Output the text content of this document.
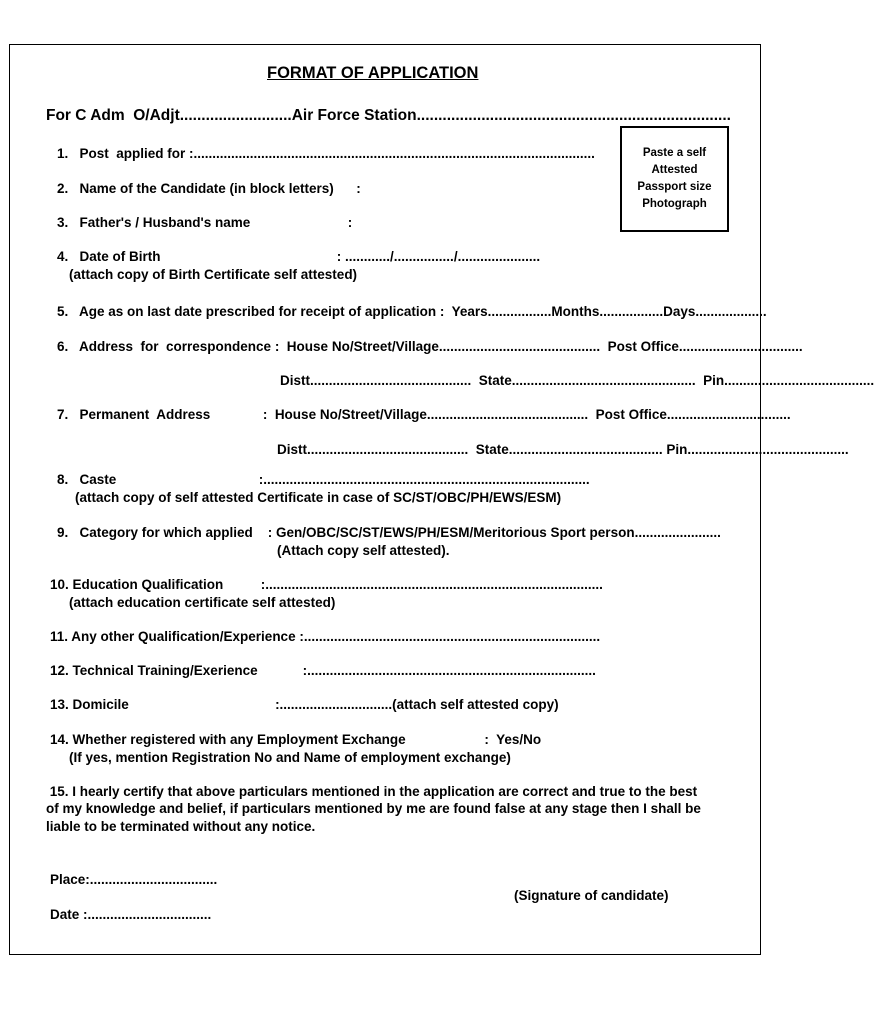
FORMAT OF APPLICATION
For C Adm  O/Adjt..........................Air Force Station.........................................................................
Paste a self
Attested
Passport size
Photograph
1.   Post  applied for :...........................................................................................................
2.   Name of the Candidate (in block letters)      :
3.   Father's / Husband's name                          :
4.   Date of Birth                                               : ............/................/......................
(attach copy of Birth Certificate self attested)
5.   Age as on last date prescribed for receipt of application :  Years.................Months.................Days...................
6.   Address  for  correspondence :  House No/Street/Village...........................................  Post Office.................................
Distt...........................................  State.................................................  Pin........................................
7.   Permanent  Address              :  House No/Street/Village...........................................  Post Office.................................
Distt...........................................  State......................................... Pin...........................................
8.   Caste                                      :.......................................................................................
(attach copy of self attested Certificate in case of SC/ST/OBC/PH/EWS/ESM)
9.   Category for which applied    : Gen/OBC/SC/ST/EWS/PH/ESM/Meritorious Sport person.......................
(Attach copy self attested).
10. Education Qualification          :..........................................................................................
(attach education certificate self attested)
11. Any other Qualification/Experience :...............................................................................
12. Technical Training/Exerience            :.............................................................................
13. Domicile                                       :..............................(attach self attested copy)
14. Whether registered with any Employment Exchange                     :  Yes/No
(If yes, mention Registration No and Name of employment exchange)
15. I hearly certify that above particulars mentioned in the application are correct and true to the best
of my knowledge and belief, if particulars mentioned by me are found false at any stage then I shall be
liable to be terminated without any notice.
Place:..................................
(Signature of candidate)
Date :.................................
